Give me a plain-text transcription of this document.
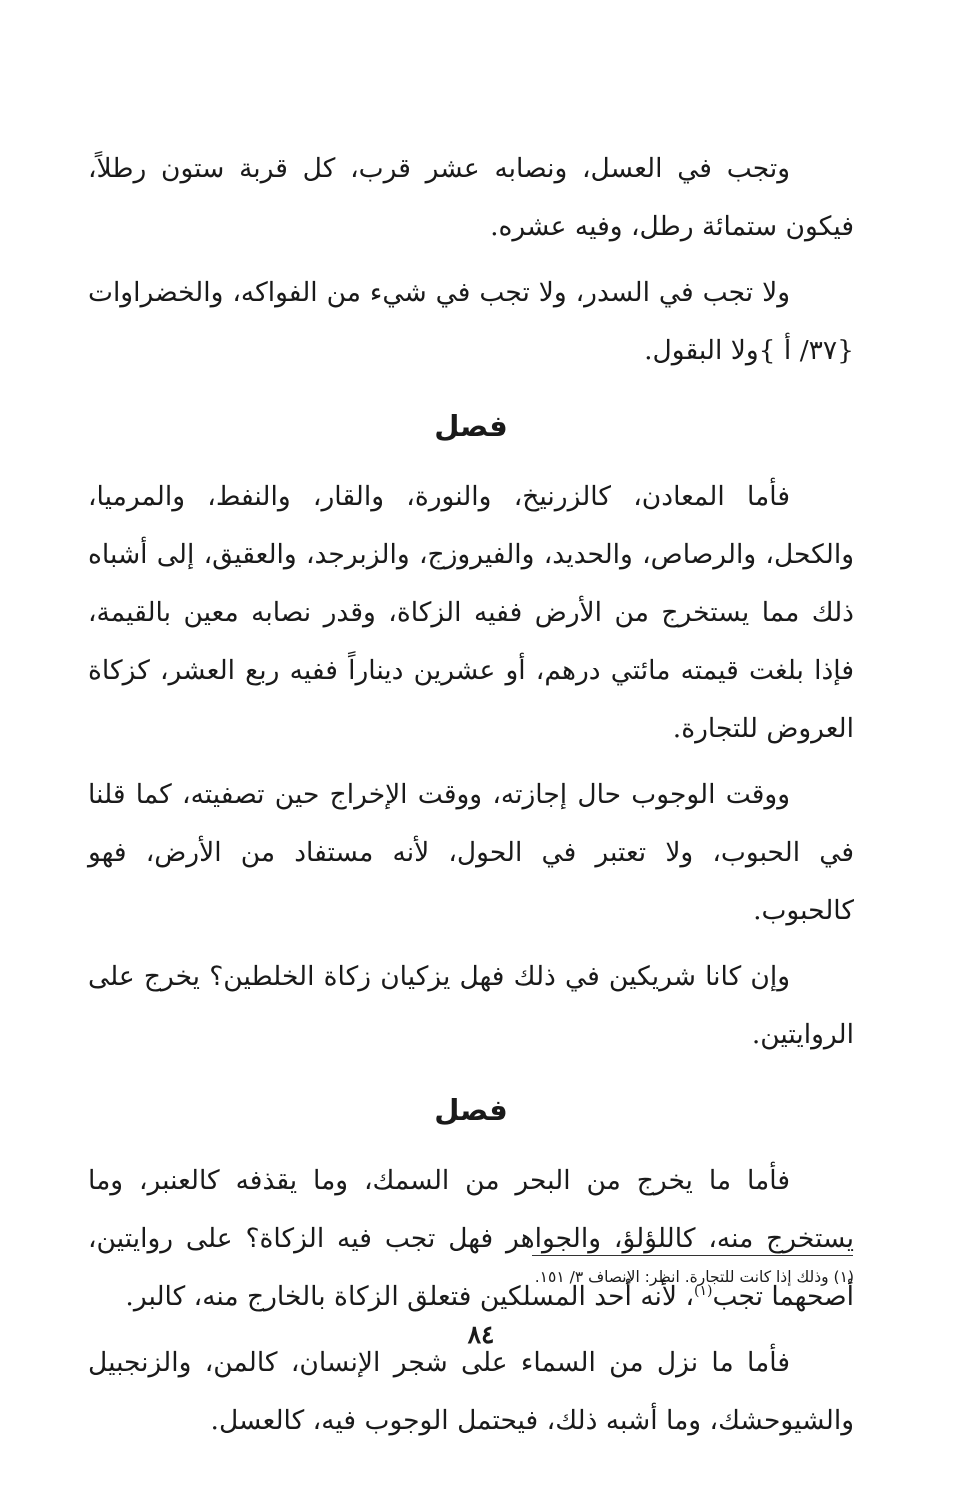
وتجب في العسل، ونصابه عشر قرب، كل قربة ستون رطلاً، فيكون ستمائة رطل، وفيه عشره.

ولا تجب في السدر، ولا تجب في شيء من الفواكه، والخضراوات {٣٧/ أ }ولا البقول.

فصل

فأما المعادن، كالزرنيخ، والنورة، والقار، والنفط، والمرميا، والكحل، والرصاص، والحديد، والفيروزج، والزبرجد، والعقيق، إلى أشباه ذلك مما يستخرج من الأرض ففيه الزكاة، وقدر نصابه معين بالقيمة، فإذا بلغت قيمته مائتي درهم، أو عشرين ديناراً ففيه ربع العشر، كزكاة العروض للتجارة.

ووقت الوجوب حال إجازته، ووقت الإخراج حين تصفيته، كما قلنا في الحبوب، ولا تعتبر في الحول، لأنه مستفاد من الأرض، فهو كالحبوب.

وإن كانا شريكين في ذلك فهل يزكيان زكاة الخلطين؟ يخرج على الروايتين.

فصل

فأما ما يخرج من البحر من السمك، وما يقذفه كالعنبر، وما يستخرج منه، كاللؤلؤ، والجواهر فهل تجب فيه الزكاة؟ على روايتين، أصحهما تجب$^{(١)}$، لأنه أحد المسلكين فتعلق الزكاة بالخارج منه، كالبر.

فأما ما نزل من السماء على شجر الإنسان، كالمن، والزنجبيل والشيوحشك، وما أشبه ذلك، فيحتمل الوجوب فيه، كالعسل.

(١) وذلك إذا كانت للتجارة. انظر: الإنصاف ٣/ ١٥١.
٨٤
